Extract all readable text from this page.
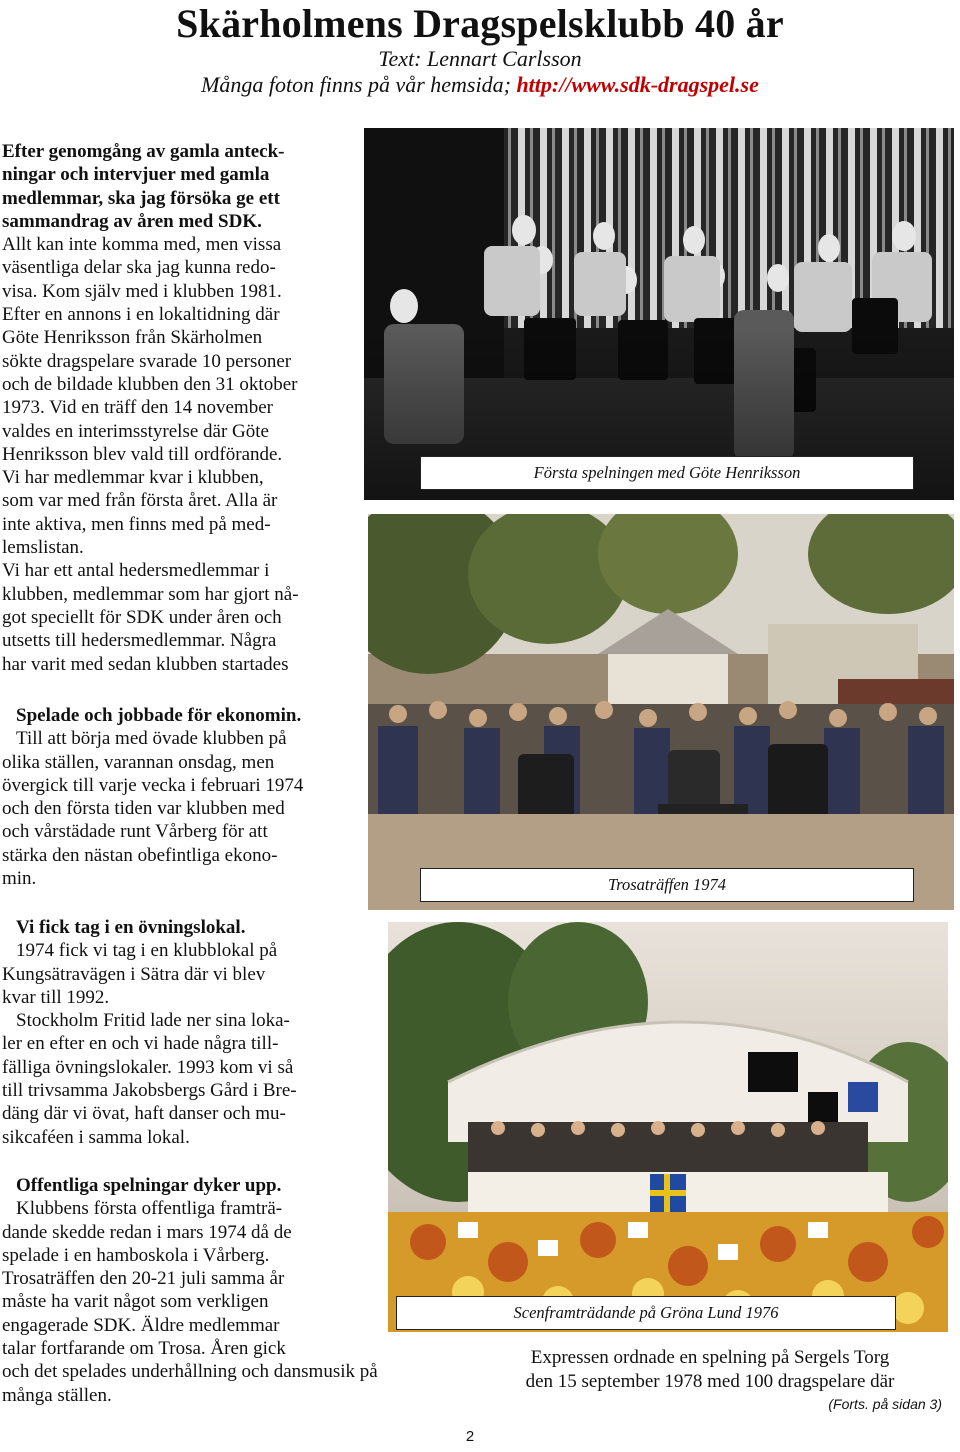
Skärholmens Dragspelsklubb 40 år
Text: Lennart Carlsson
Många foton finns på vår hemsida; http://www.sdk-dragspel.se
Första spelningen med Göte Henriksson
Trosaträffen 1974
Scenframträdande på Gröna Lund 1976
Efter genomgång av gamla anteck-
ningar och intervjuer med gamla
medlemmar, ska jag försöka ge ett
sammandrag av åren med SDK.
Allt kan inte komma med, men vissa
väsentliga delar ska jag kunna redo-
visa. Kom själv med i klubben 1981.
Efter en annons i en lokaltidning där
Göte Henriksson från Skärholmen
sökte dragspelare svarade 10 personer
och de bildade klubben den 31 oktober
1973. Vid en träff den 14 november
valdes en interimsstyrelse där Göte
Henriksson blev vald till ordförande.
Vi har medlemmar kvar i klubben,
som var med från första året. Alla är
inte aktiva, men finns med på med-
lemslistan.
Vi har ett antal hedersmedlemmar i
klubben, medlemmar som har gjort nå-
got speciellt för SDK under åren och
utsetts till hedersmedlemmar. Några
har varit med sedan klubben startades
Spelade och jobbade för ekonomin.
Till att börja med övade klubben på
olika ställen, varannan onsdag, men
övergick till varje vecka i februari 1974
och den första tiden var klubben med
och vårstädade runt Vårberg för att
stärka den nästan obefintliga ekono-
min.
Vi fick tag i en övningslokal.
1974 fick vi tag i en klubblokal på
Kungsätravägen i Sätra där vi blev
kvar till 1992.
Stockholm Fritid lade ner sina loka-
ler en efter en och vi hade några till-
fälliga övningslokaler. 1993 kom vi så
till trivsamma Jakobsbergs Gård i Bre-
däng där vi övat, haft danser och mu-
sikcaféen i samma lokal.
Offentliga spelningar dyker upp.
Klubbens första offentliga framträ-
dande skedde redan i mars 1974 då de
spelade i en hamboskola i Vårberg.
Trosaträffen den 20-21 juli samma år
måste ha varit något som verkligen
engagerade SDK. Äldre medlemmar
talar fortfarande om Trosa. Åren gick
och det spelades underhållning och dansmusik på
många ställen.
Expressen ordnade en spelning på Sergels Torg
den 15 september 1978 med 100 dragspelare där
(Forts. på sidan 3)
2
